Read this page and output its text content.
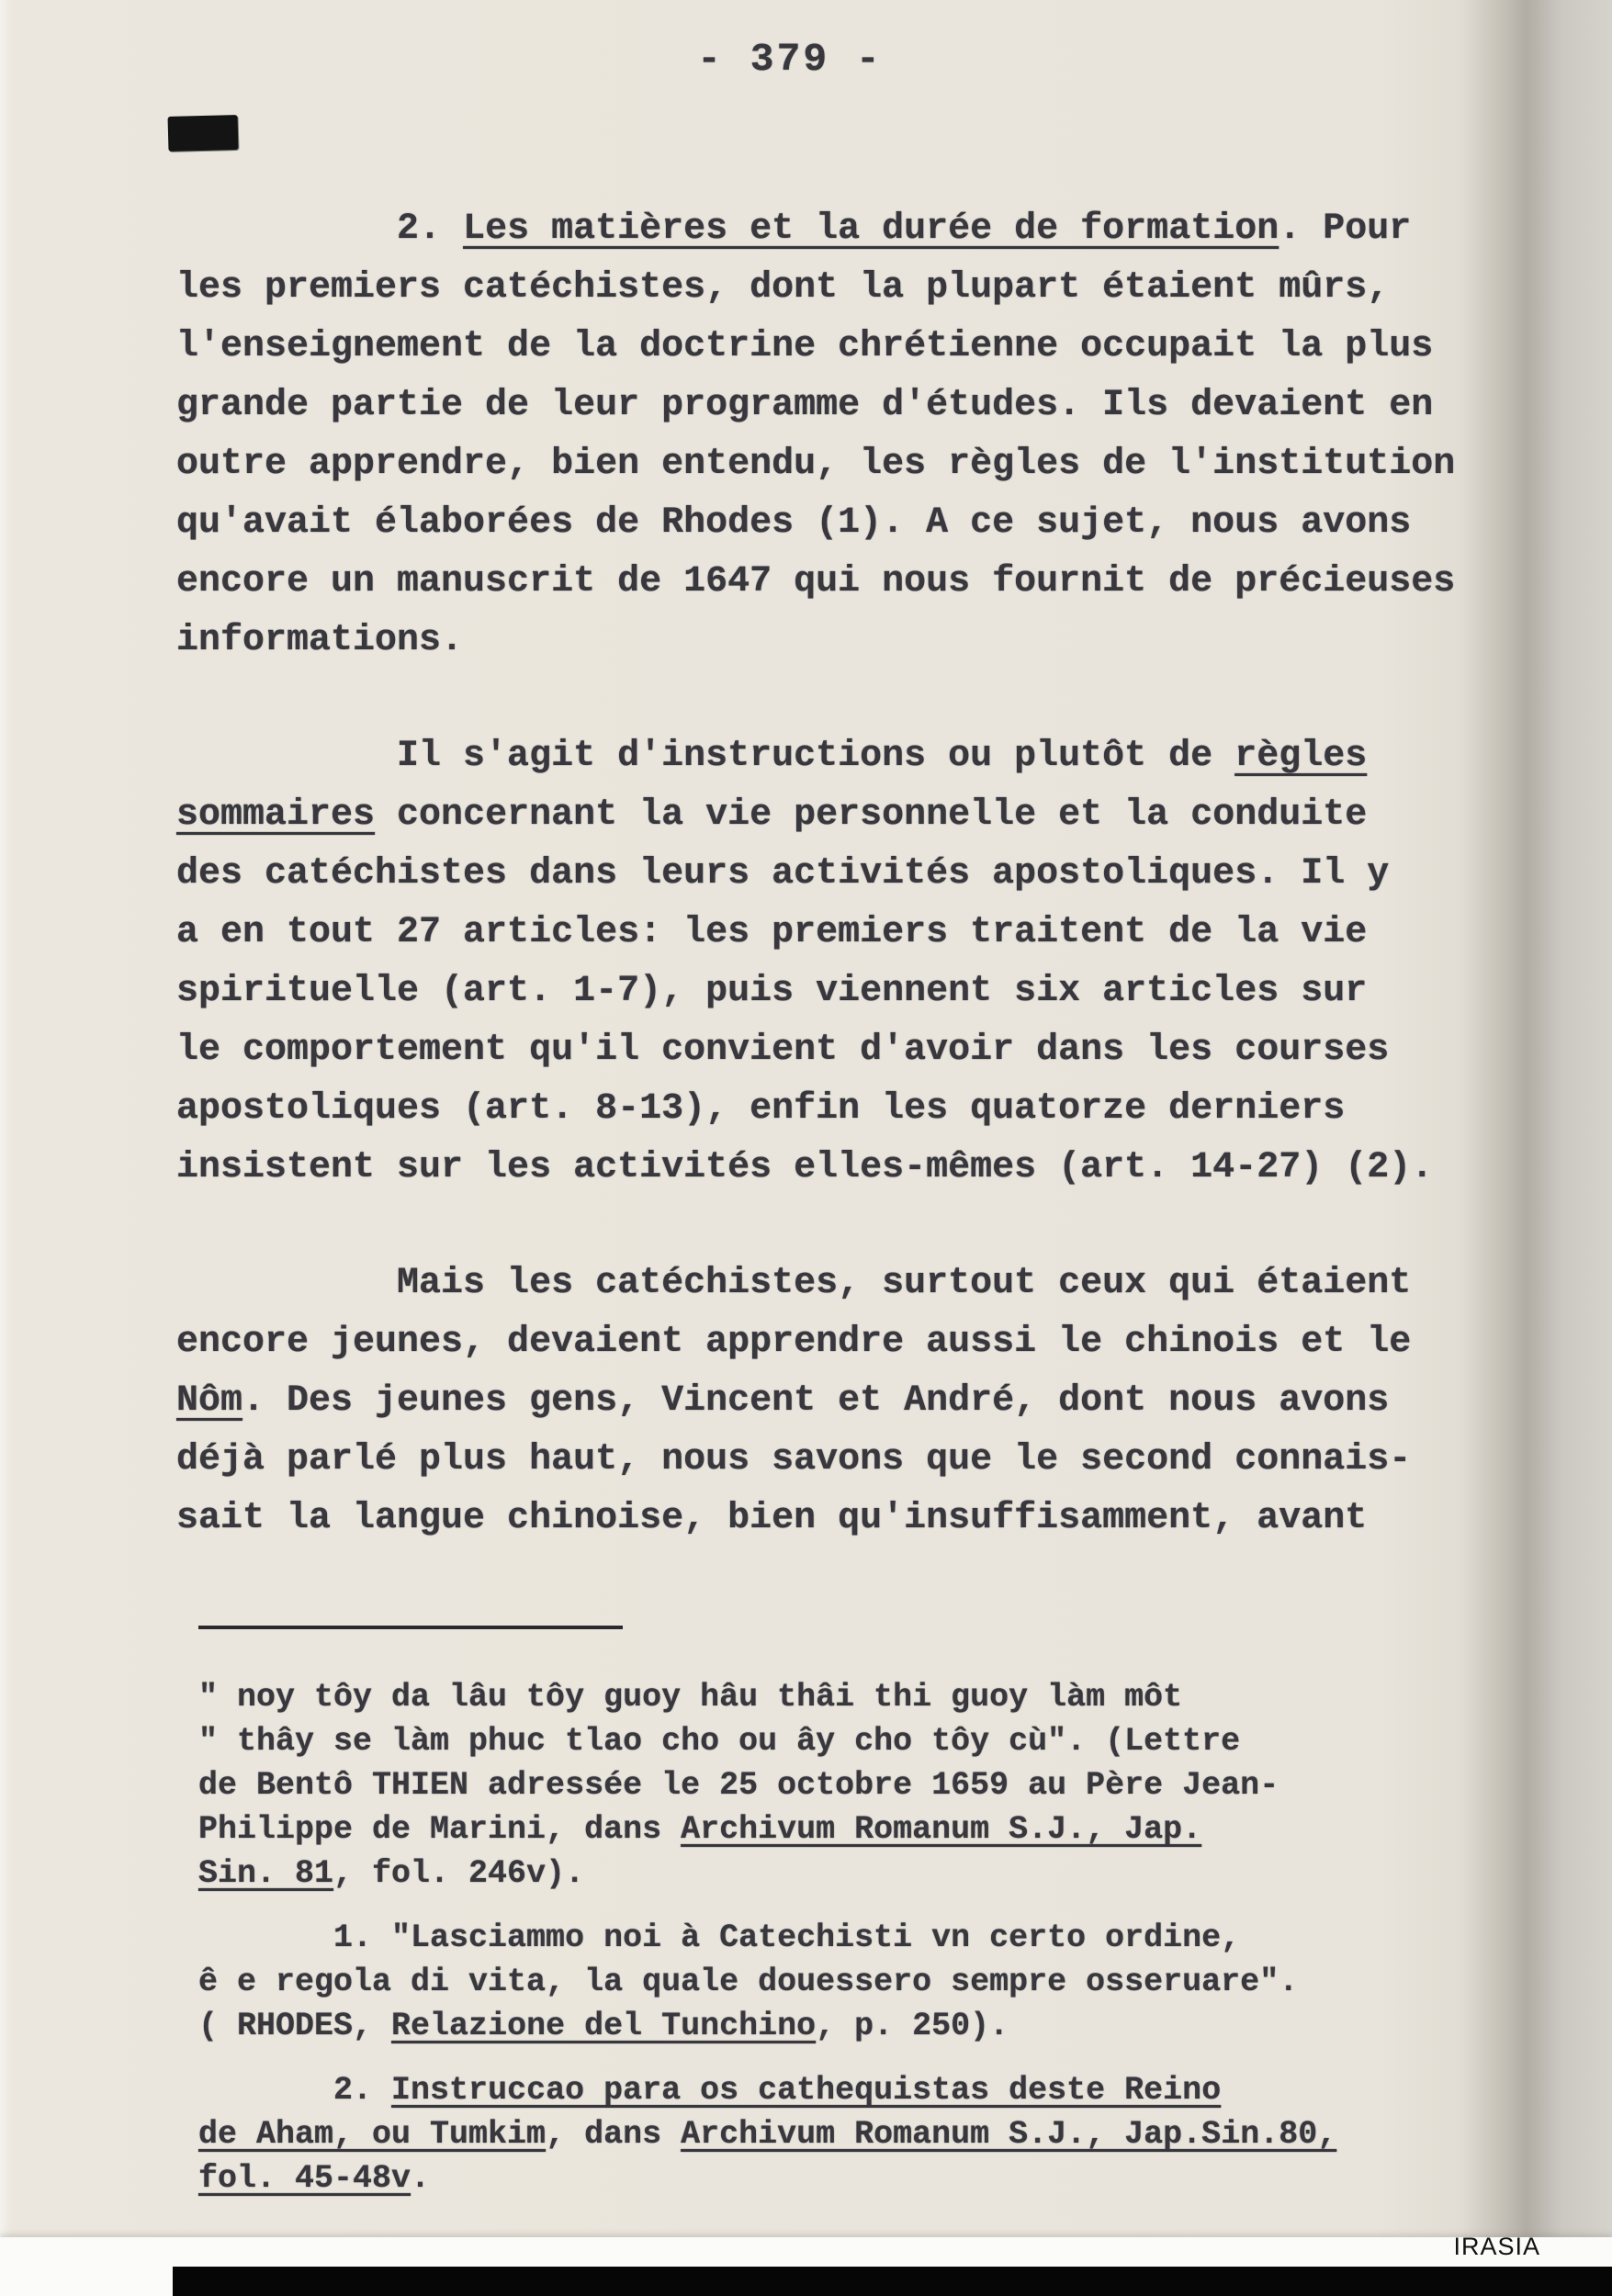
- 379 -
2. Les matières et la durée de formation. Pour
les premiers catéchistes, dont la plupart étaient mûrs,
l'enseignement de la doctrine chrétienne occupait la plus
grande partie de leur programme d'études. Ils devaient en
outre apprendre, bien entendu, les règles de l'institution
qu'avait élaborées de Rhodes (1). A ce sujet, nous avons
encore un manuscrit de 1647 qui nous fournit de précieuses
informations.
Il s'agit d'instructions ou plutôt de règles
sommaires concernant la vie personnelle et la conduite
des catéchistes dans leurs activités apostoliques. Il y
a en tout 27 articles: les premiers traitent de la vie
spirituelle (art. 1-7), puis viennent six articles sur
le comportement qu'il convient d'avoir dans les courses
apostoliques (art. 8-13), enfin les quatorze derniers
insistent sur les activités elles-mêmes (art. 14-27) (2).
Mais les catéchistes, surtout ceux qui étaient
encore jeunes, devaient apprendre aussi le chinois et le
Nôm. Des jeunes gens, Vincent et André, dont nous avons
déjà parlé plus haut, nous savons que le second connais-
sait la langue chinoise, bien qu'insuffisamment, avant
" noy tôy da lâu tôy guoy hâu thâi thi guoy làm môt
" thây se làm phuc tlao cho ou ây cho tôy cù". (Lettre
de Bentô THIEN adressée le 25 octobre 1659 au Père Jean-
Philippe de Marini, dans Archivum Romanum S.J., Jap.
Sin. 81, fol. 246v).
1. "Lasciammo noi à Catechisti vn certo ordine,
ê e regola di vita, la quale douessero sempre osseruare".
( RHODES, Relazione del Tunchino, p. 250).
2. Instruccao para os cathequistas deste Reino
de Aham, ou Tumkim, dans Archivum Romanum S.J., Jap.Sin.80,
fol. 45-48v.
IRASIA
